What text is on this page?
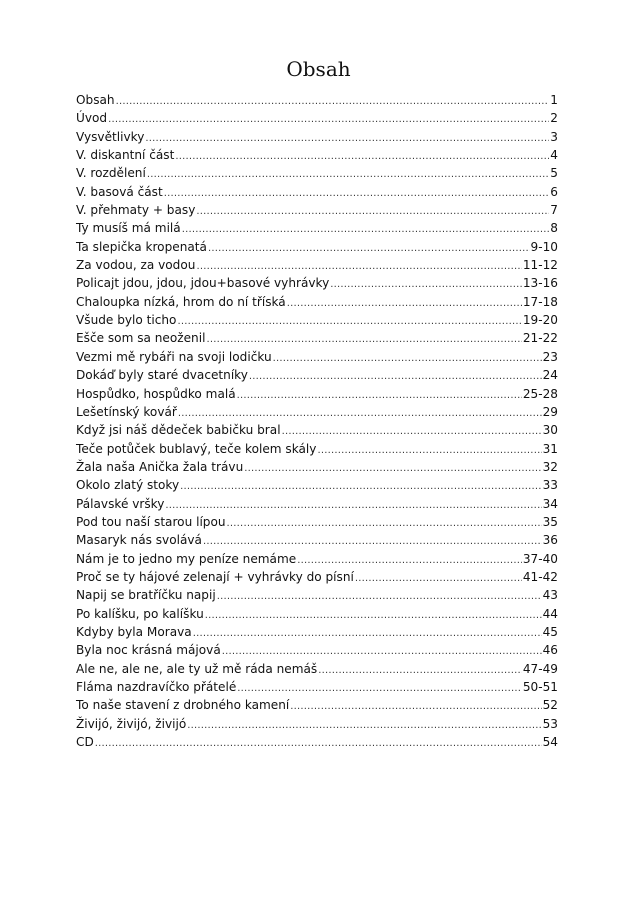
Obsah
Obsah .....	1
Úvod .....	2
Vysvětlivky .....	3
V. diskantní část .....	4
V. rozdělení .....	5
V. basová část .....	6
V. přehmaty + basy .....	7
Ty musíš má milá .....	8
Ta slepička kropenatá .....	9-10
Za vodou, za vodou .....	11-12
Policajt jdou, jdou, jdou+basové vyhrávky .....	13-16
Chaloupka nízká, hrom do ní tříská .....	17-18
Všude bylo ticho .....	19-20
Ešče som sa neoženil .....	21-22
Vezmi mě rybáři na svoji lodičku .....	23
Dokáď byly staré dvacetníky .....	24
Hospůdko, hospůdko malá .....	25-28
Lešetínský kovář .....	29
Když jsi náš dědeček babičku bral .....	30
Teče potůček bublavý, teče kolem skály .....	31
Žala naša Anička žala trávu .....	32
Okolo zlatý stoky .....	33
Pálavské vršky .....	34
Pod tou naší starou lípou .....	35
Masaryk nás svolává .....	36
Nám je to jedno my peníze nemáme .....	37-40
Proč se ty hájové zelenají + vyhrávky do písní .....	41-42
Napij se bratříčku napij .....	43
Po kalíšku, po kalíšku .....	44
Kdyby byla Morava .....	45
Byla noc krásná májová .....	46
Ale ne, ale ne, ale ty už mě ráda nemáš .....	47-49
Fláma nazdravíčko přátelé .....	50-51
To naše stavení z drobného kamení .....	52
Živijó, živijó, živijó .....	53
CD .....	54
